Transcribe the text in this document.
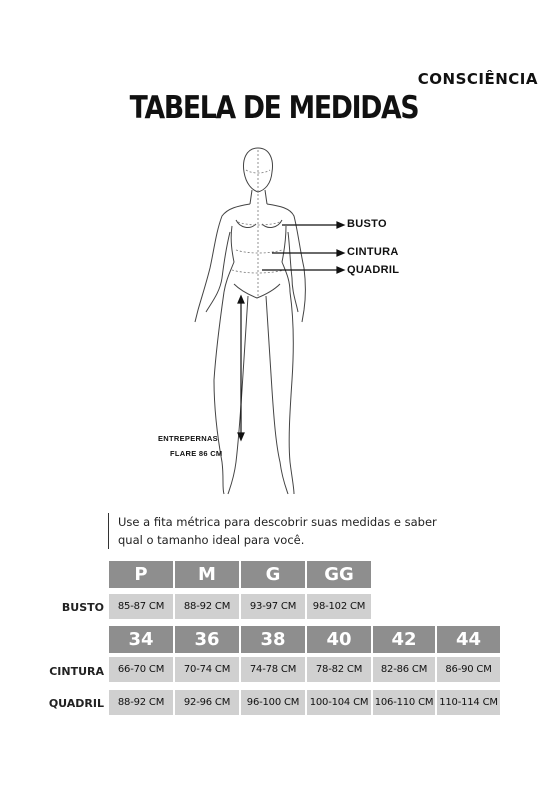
CONSCIÊNCIA
TABELA DE MEDIDAS
BUSTO
CINTURA
QUADRIL
ENTREPERNAS
FLARE 86 CM
Use a fita métrica para descobrir suas medidas e saber qual o tamanho ideal para você.
P	M	G	GG
BUSTO	85-87 CM	88-92 CM	93-97 CM	98-102 CM
34	36	38	40	42	44
CINTURA	66-70 CM	70-74 CM	74-78 CM	78-82 CM	82-86 CM	86-90 CM
QUADRIL	88-92 CM	92-96 CM	96-100 CM	100-104 CM 106-110 CM 110-114 CM
